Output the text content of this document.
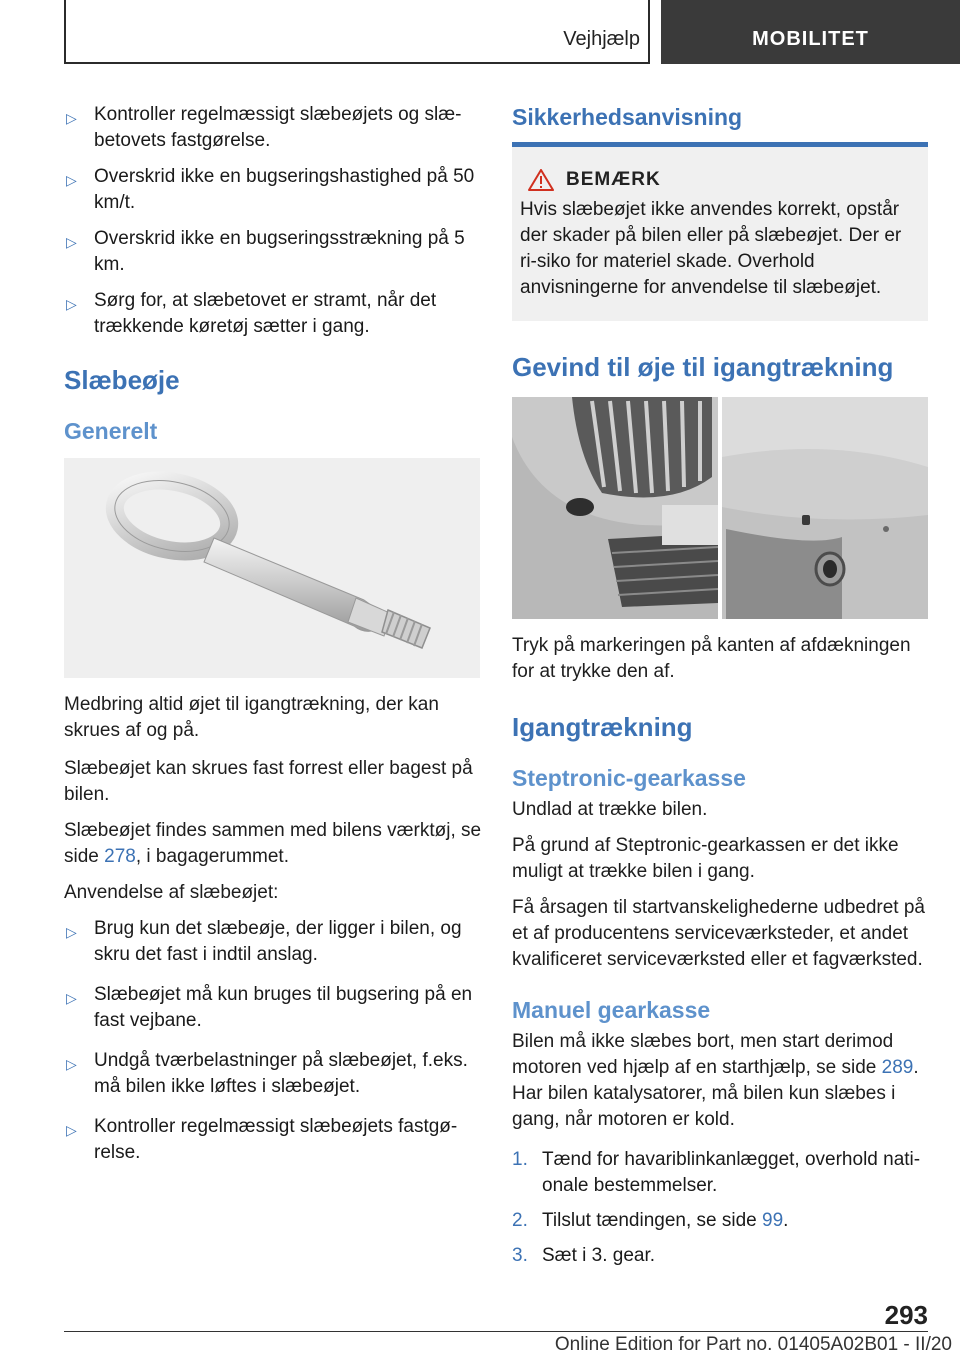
Vejhjælp	MOBILITET
▷ Kontroller regelmæssigt slæbeøjets og slæ‐betovets fastgørelse.
▷ Overskrid ikke en bugseringshastighed på 50 km/t.
▷ Overskrid ikke en bugseringsstrækning på 5 km.
▷ Sørg for, at slæbetovet er stramt, når det trækkende køretøj sætter i gang.
Slæbeøje
Generelt

Medbring altid øjet til igangtrækning, der kan skrues af og på.

Slæbeøjet kan skrues fast forrest eller bagest på bilen.

Slæbeøjet findes sammen med bilens værktøj, se side 278, i bagagerummet.

Anvendelse af slæbeøjet:

▷ Brug kun det slæbeøje, der ligger i bilen, og skru det fast i indtil anslag.
▷ Slæbeøjet må kun bruges til bugsering på en fast vejbane.
▷ Undgå tværbelastninger på slæbeøjet, f.eks. må bilen ikke løftes i slæbeøjet.
▷ Kontroller regelmæssigt slæbeøjets fastgø‐relse.
Sikkerhedsanvisning
BEMÆRK

Hvis slæbeøjet ikke anvendes korrekt, opstår der skader på bilen eller på slæbeøjet. Der er ri‐siko for materiel skade. Overhold anvisningerne for anvendelse til slæbeøjet.

Gevind til øje til igangtrækning

Tryk på markeringen på kanten af afdækningen for at trykke den af.

Igangtrækning
Steptronic-gearkasse

Undlad at trække bilen.

På grund af Steptronic-gearkassen er det ikke muligt at trække bilen i gang.

Få årsagen til startvanskelighederne udbedret på et af producentens serviceværksteder, et andet kvalificeret serviceværksted eller et fagværksted.

Manuel gearkasse

Bilen må ikke slæbes bort, men start derimod motoren ved hjælp af en starthjælp, se side 289.

Har bilen katalysatorer, må bilen kun slæbes i gang, når motoren er kold.

1. Tænd for havariblinkanlægget, overhold nati‐onale bestemmelser.
2. Tilslut tændingen, se side 99.
3. Sæt i 3. gear.
293
Online Edition for Part no. 01405A02B01 - II/20
